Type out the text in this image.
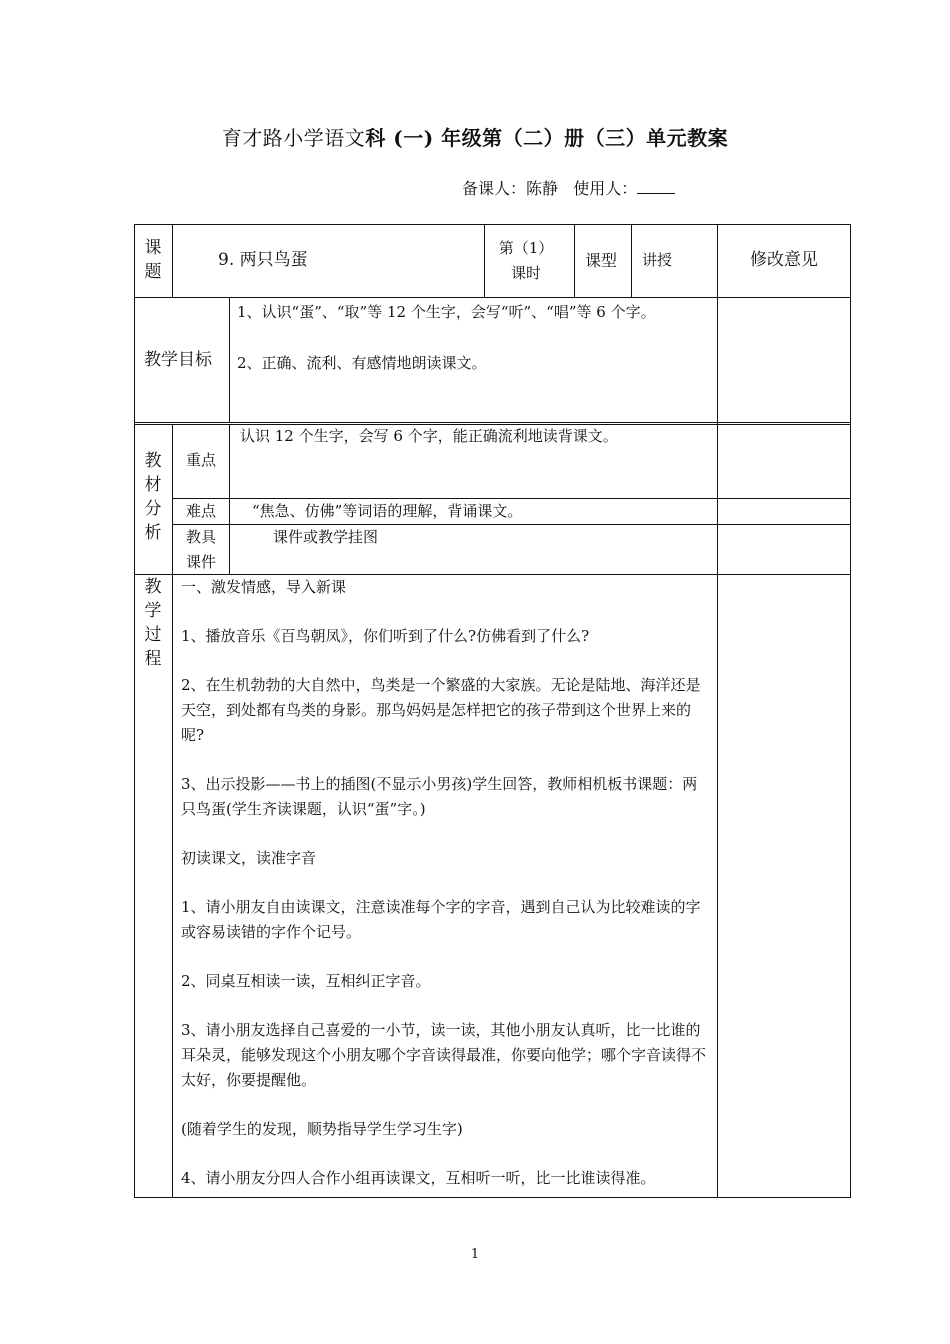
育才路小学语文科 (一) 年级第（二）册（三）单元教案
备课人：陈静 使用人：
课题
9. 两只鸟蛋
第（1）课时
课型 讲授	修改意见
教学目标

1、认识“蛋”、“取”等 12 个生字，会写“听”、“唱”等 6 个字。

2、正确、流利、有感情地朗读课文。

教材分析
重点
认识 12 个生字，会写 6 个字，能正确流利地读背课文。
难点 “焦急、仿佛”等词语的理解，背诵课文。
教具课件
课件或教学挂图
教学过程

一、激发情感，导入新课

1、播放音乐《百鸟朝凤》，你们听到了什么?仿佛看到了什么?

2、在生机勃勃的大自然中，鸟类是一个繁盛的大家族。无论是陆地、海洋还是天空，到处都有鸟类的身影。那鸟妈妈是怎样把它的孩子带到这个世界上来的呢?

3、出示投影——书上的插图(不显示小男孩)学生回答，教师相机板书课题：两只鸟蛋(学生齐读课题，认识“蛋”字。)

初读课文，读准字音

1、请小朋友自由读课文，注意读准每个字的字音，遇到自己认为比较难读的字或容易读错的字作个记号。

2、同桌互相读一读，互相纠正字音。

3、请小朋友选择自己喜爱的一小节，读一读，其他小朋友认真听，比一比谁的耳朵灵，能够发现这个小朋友哪个字音读得最准，你要向他学；哪个字音读得不太好，你要提醒他。

(随着学生的发现，顺势指导学生学习生字)

4、请小朋友分四人合作小组再读课文，互相听一听，比一比谁读得准。

1
